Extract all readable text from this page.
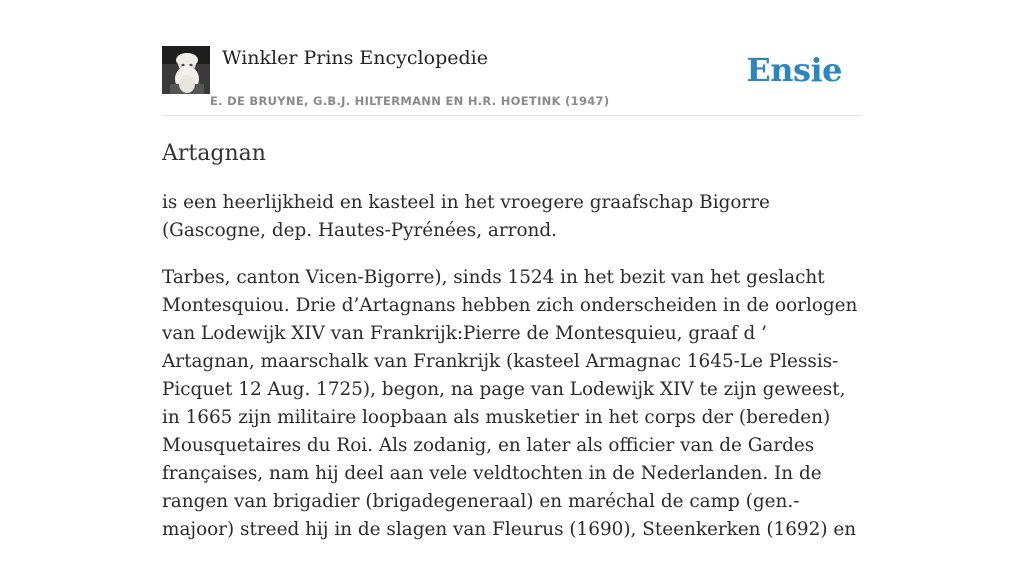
Winkler Prins Encyclopedie
E. DE BRUYNE, G.B.J. HILTERMANN EN H.R. HOETINK (1947)
Ensie
Artagnan

is een heerlijkheid en kasteel in het vroegere graafschap Bigorre (Gascogne, dep. Hautes-Pyrénées, arrond.

Tarbes, canton Vicen-Bigorre), sinds 1524 in het bezit van het geslacht Montesquiou. Drie d’Artagnans hebben zich onderscheiden in de oorlogen van Lodewijk XIV van Frankrijk:Pierre de Montesquieu, graaf d ’ Artagnan, maarschalk van Frankrijk (kasteel Armagnac 1645-Le Plessis-Picquet 12 Aug. 1725), begon, na page van Lodewijk XIV te zijn geweest, in 1665 zijn militaire loopbaan als musketier in het corps der (bereden) Mousquetaires du Roi. Als zodanig, en later als officier van de Gardes françaises, nam hij deel aan vele veldtochten in de Nederlanden. In de rangen van brigadier (brigadegeneraal) en maréchal de camp (gen.-majoor) streed hij in de slagen van Fleurus (1690), Steenkerken (1692) en
